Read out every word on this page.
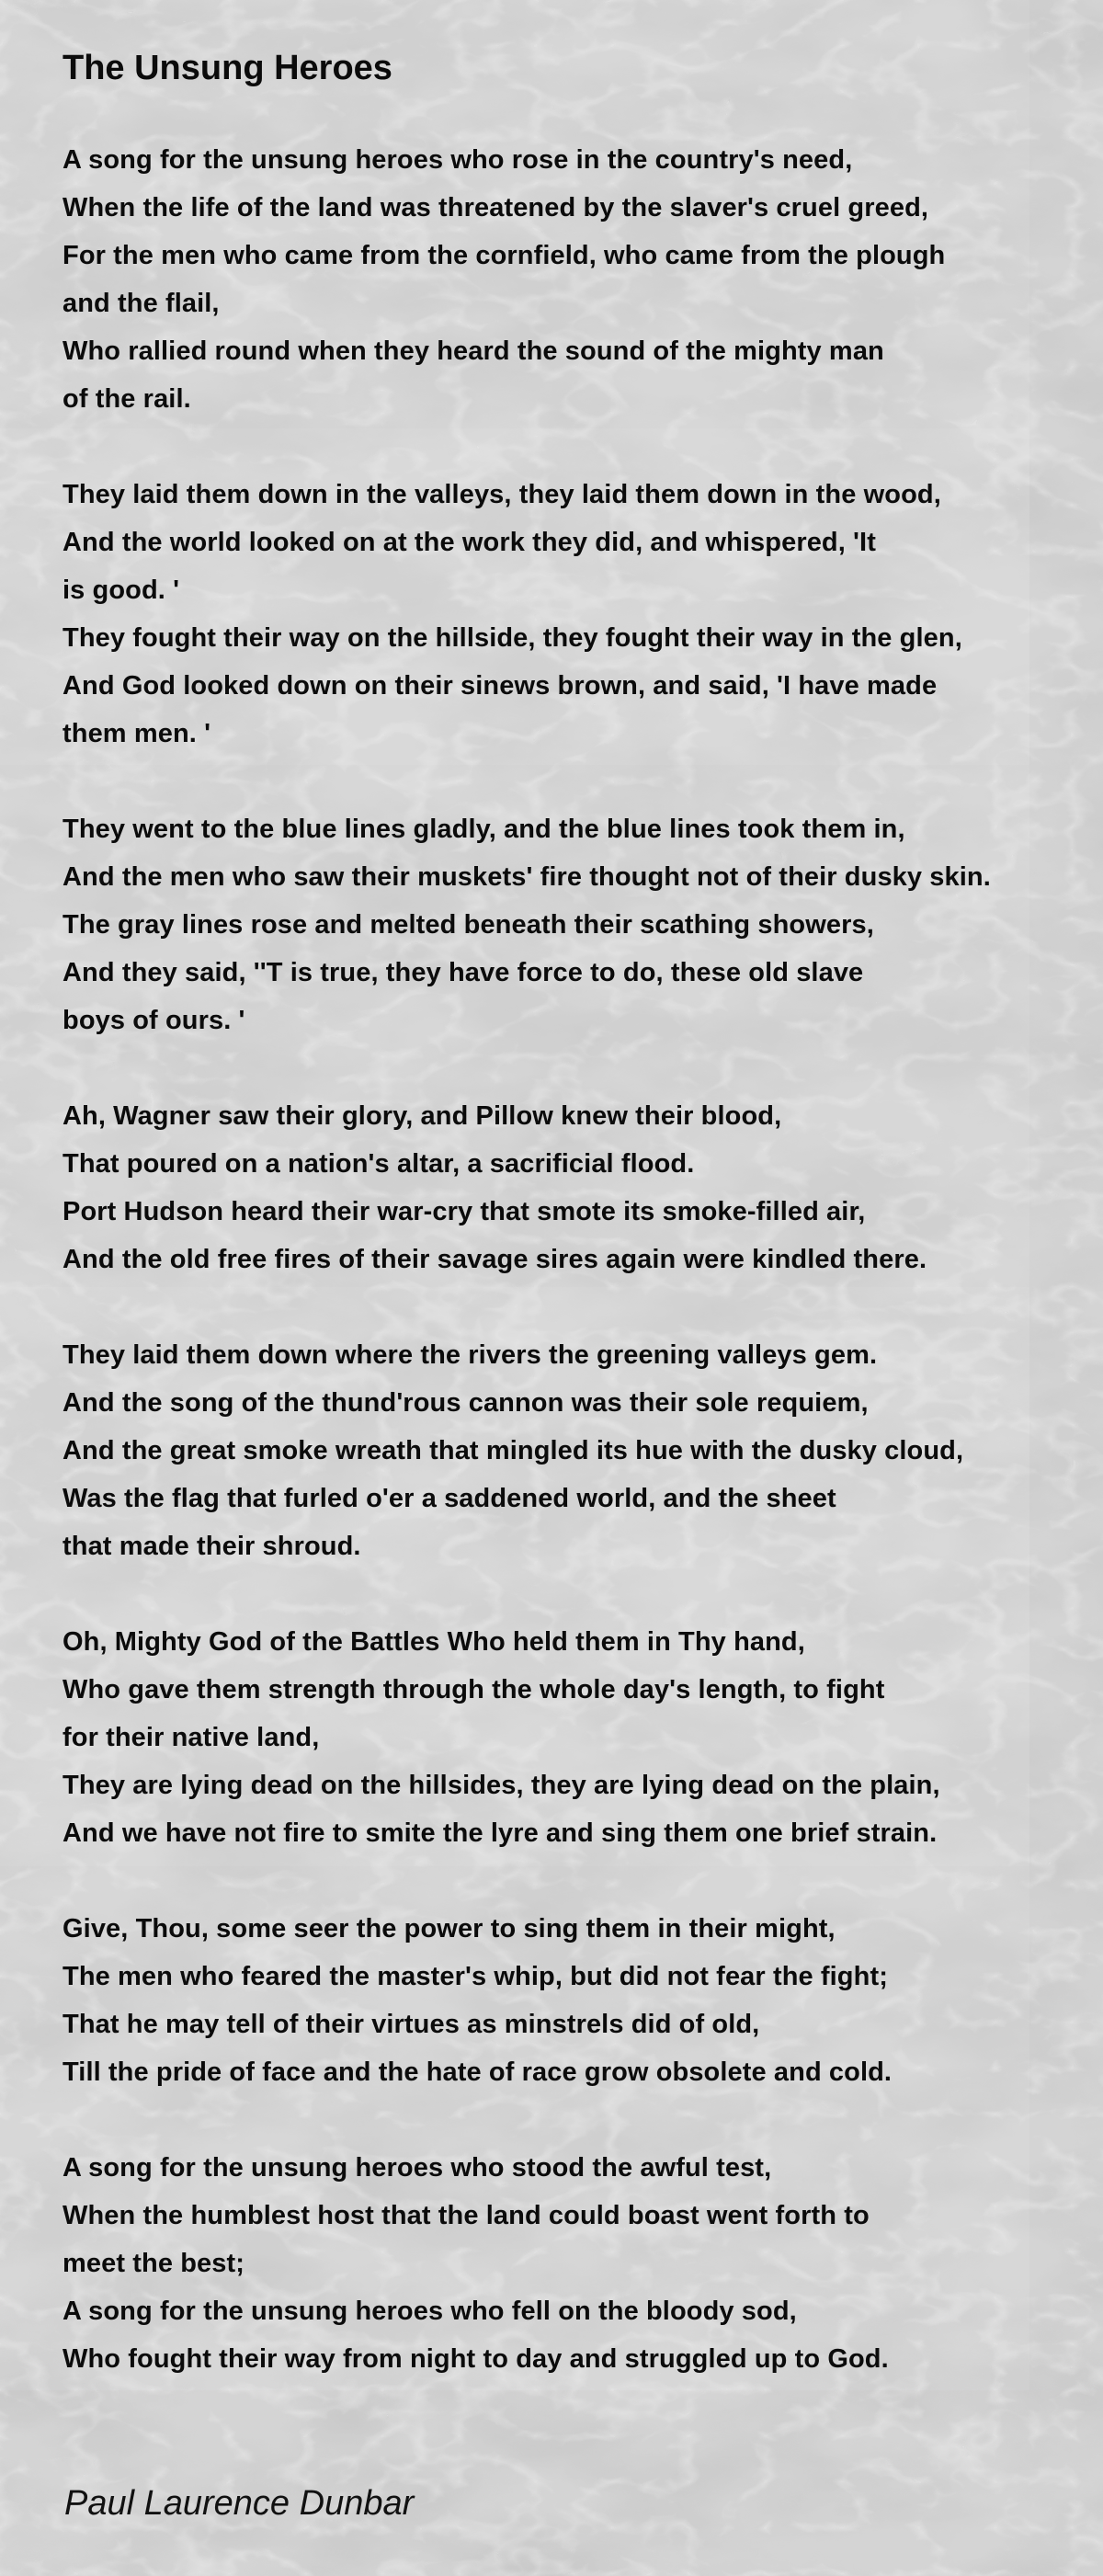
The Unsung Heroes
A song for the unsung heroes who rose in the country's need,
When the life of the land was threatened by the slaver's cruel greed,
For the men who came from the cornfield, who came from the plough
and the flail,
Who rallied round when they heard the sound of the mighty man
of the rail.
They laid them down in the valleys, they laid them down in the wood,
And the world looked on at the work they did, and whispered, 'It
is good. '
They fought their way on the hillside, they fought their way in the glen,
And God looked down on their sinews brown, and said, 'I have made
them men. '
They went to the blue lines gladly, and the blue lines took them in,
And the men who saw their muskets' fire thought not of their dusky skin.
The gray lines rose and melted beneath their scathing showers,
And they said, ''T is true, they have force to do, these old slave
boys of ours. '
Ah, Wagner saw their glory, and Pillow knew their blood,
That poured on a nation's altar, a sacrificial flood.
Port Hudson heard their war-cry that smote its smoke-filled air,
And the old free fires of their savage sires again were kindled there.
They laid them down where the rivers the greening valleys gem.
And the song of the thund'rous cannon was their sole requiem,
And the great smoke wreath that mingled its hue with the dusky cloud,
Was the flag that furled o'er a saddened world, and the sheet
that made their shroud.
Oh, Mighty God of the Battles Who held them in Thy hand,
Who gave them strength through the whole day's length, to fight
for their native land,
They are lying dead on the hillsides, they are lying dead on the plain,
And we have not fire to smite the lyre and sing them one brief strain.
Give, Thou, some seer the power to sing them in their might,
The men who feared the master's whip, but did not fear the fight;
That he may tell of their virtues as minstrels did of old,
Till the pride of face and the hate of race grow obsolete and cold.
A song for the unsung heroes who stood the awful test,
When the humblest host that the land could boast went forth to
meet the best;
A song for the unsung heroes who fell on the bloody sod,
Who fought their way from night to day and struggled up to God.

Paul Laurence Dunbar
